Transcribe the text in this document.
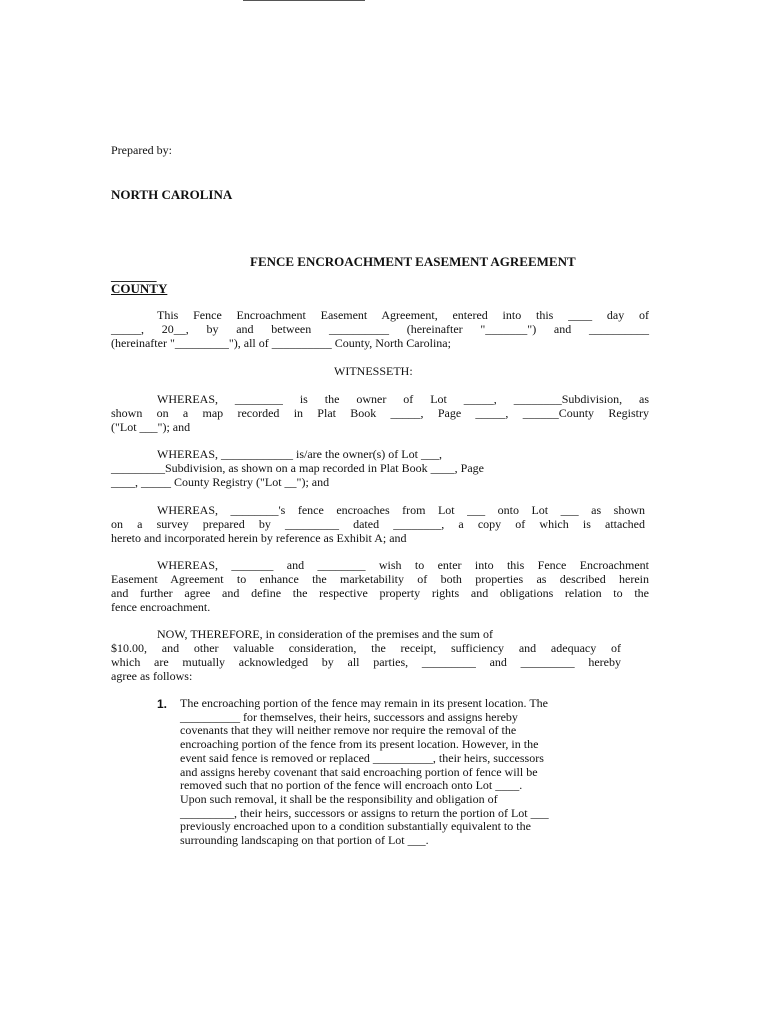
Prepared by:
NORTH CAROLINA
FENCE ENCROACHMENT EASEMENT AGREEMENT
_______
COUNTY
This Fence Encroachment Easement Agreement, entered into this ____ day of
_____, 20__, by and between __________ (hereinafter "_______") and __________
(hereinafter "_________"), all of __________ County, North Carolina;
WITNESSETH:
WHEREAS, ________ is the owner of Lot _____, ________Subdivision, as
shown on a map recorded in Plat Book _____, Page _____, ______County Registry
("Lot ___"); and
WHEREAS, ____________ is/are the owner(s) of Lot ___,
_________Subdivision, as shown on a map recorded in Plat Book ____, Page
____, _____ County Registry ("Lot __"); and
WHEREAS, ________'s fence encroaches from Lot ___ onto Lot ___ as shown
on a survey prepared by _________ dated ________, a copy of which is attached
hereto and incorporated herein by reference as Exhibit A; and
WHEREAS, _______ and ________ wish to enter into this Fence Encroachment
Easement Agreement to enhance the marketability of both properties as described herein
and further agree and define the respective property rights and obligations relation to the
fence encroachment.
NOW, THEREFORE, in consideration of the premises and the sum of
$10.00, and other valuable consideration, the receipt, sufficiency and adequacy of
which are mutually acknowledged by all parties, _________ and _________ hereby
agree as follows:
1. The encroaching portion of the fence may remain in its present location. The
__________ for themselves, their heirs, successors and assigns hereby
covenants that they will neither remove nor require the removal of the
encroaching portion of the fence from its present location. However, in the
event said fence is removed or replaced __________, their heirs, successors
and assigns hereby covenant that said encroaching portion of fence will be
removed such that no portion of the fence will encroach onto Lot ____.
Upon such removal, it shall be the responsibility and obligation of
_________, their heirs, successors or assigns to return the portion of Lot ___
previously encroached upon to a condition substantially equivalent to the
surrounding landscaping on that portion of Lot ___.
